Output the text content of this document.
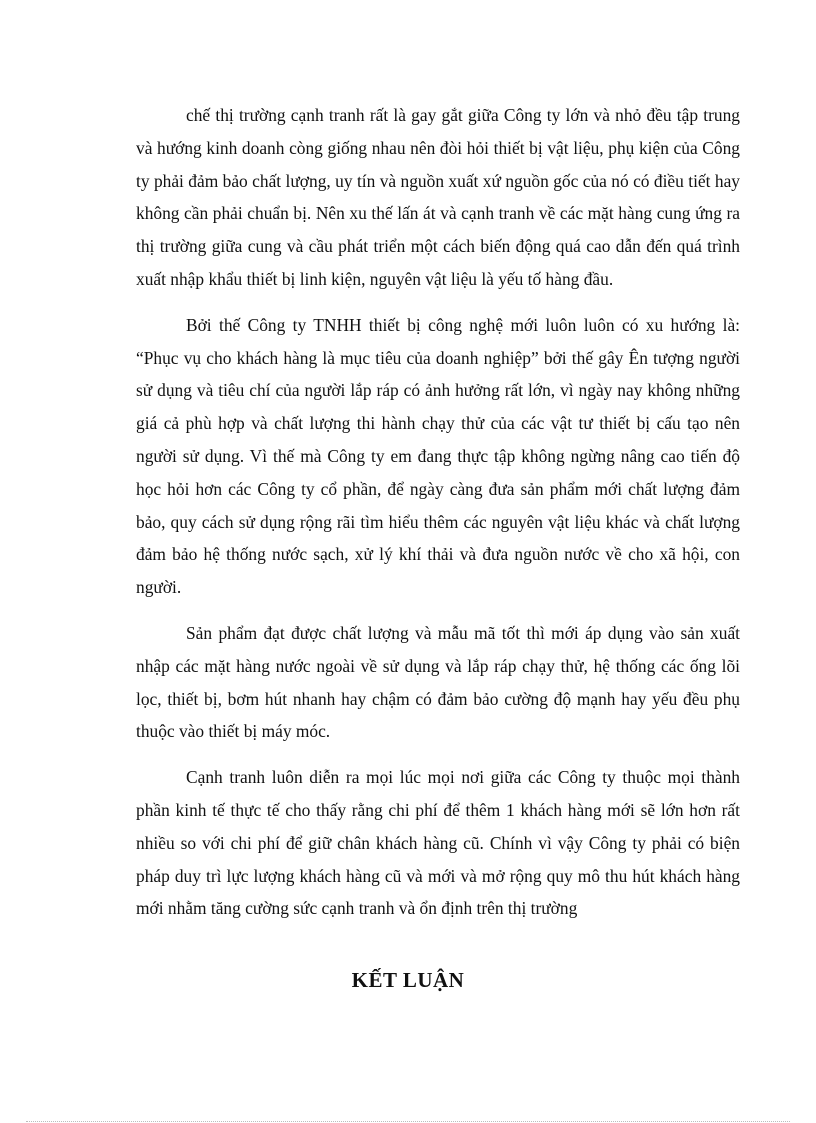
chế thị trường cạnh tranh rất là gay gắt giữa Công ty lớn và nhỏ đều tập trung và hướng kinh doanh còng giống nhau nên đòi hỏi thiết bị vật liệu, phụ kiện của Công ty phải đảm bảo chất lượng, uy tín và nguồn xuất xứ nguồn gốc của nó có điều tiết hay không cần phải chuẩn bị. Nên xu thế lấn át và cạnh tranh về các mặt hàng cung ứng ra thị trường giữa cung và cầu phát triển một cách biến động quá cao dẫn đến quá trình xuất nhập khẩu thiết bị linh kiện, nguyên vật liệu là yếu tố hàng đầu.

Bởi thế Công ty TNHH thiết bị công nghệ mới luôn luôn có xu hướng là: “Phục vụ cho khách hàng là mục tiêu của doanh nghiệp” bởi thế gây Ên tượng người sử dụng và tiêu chí của người lắp ráp có ảnh hưởng rất lớn, vì ngày nay không những giá cả phù hợp và chất lượng thi hành chạy thử của các vật tư thiết bị cấu tạo nên người sử dụng. Vì thế mà Công ty em đang thực tập không ngừng nâng cao tiến độ học hỏi hơn các Công ty cổ phần, để ngày càng đưa sản phẩm mới chất lượng đảm bảo, quy cách sử dụng rộng rãi tìm hiểu thêm các nguyên vật liệu khác và chất lượng đảm bảo hệ thống nước sạch, xử lý khí thải và đưa nguồn nước về cho xã hội, con người.

Sản phẩm đạt được chất lượng và mẫu mã tốt thì mới áp dụng vào sản xuất nhập các mặt hàng nước ngoài về sử dụng và lắp ráp chạy thử, hệ thống các ống lõi lọc, thiết bị, bơm hút nhanh hay chậm có đảm bảo cường độ mạnh hay yếu đều phụ thuộc vào thiết bị máy móc.

Cạnh tranh luôn diễn ra mọi lúc mọi nơi giữa các Công ty thuộc mọi thành phần kinh tế thực tế cho thấy rằng chi phí để thêm 1 khách hàng mới sẽ lớn hơn rất nhiều so với chi phí để giữ chân khách hàng cũ. Chính vì vậy Công ty phải có biện pháp duy trì lực lượng khách hàng cũ và mới và mở rộng quy mô thu hút khách hàng mới nhằm tăng cường sức cạnh tranh và ổn định trên thị trường

KẾT LUẬN
